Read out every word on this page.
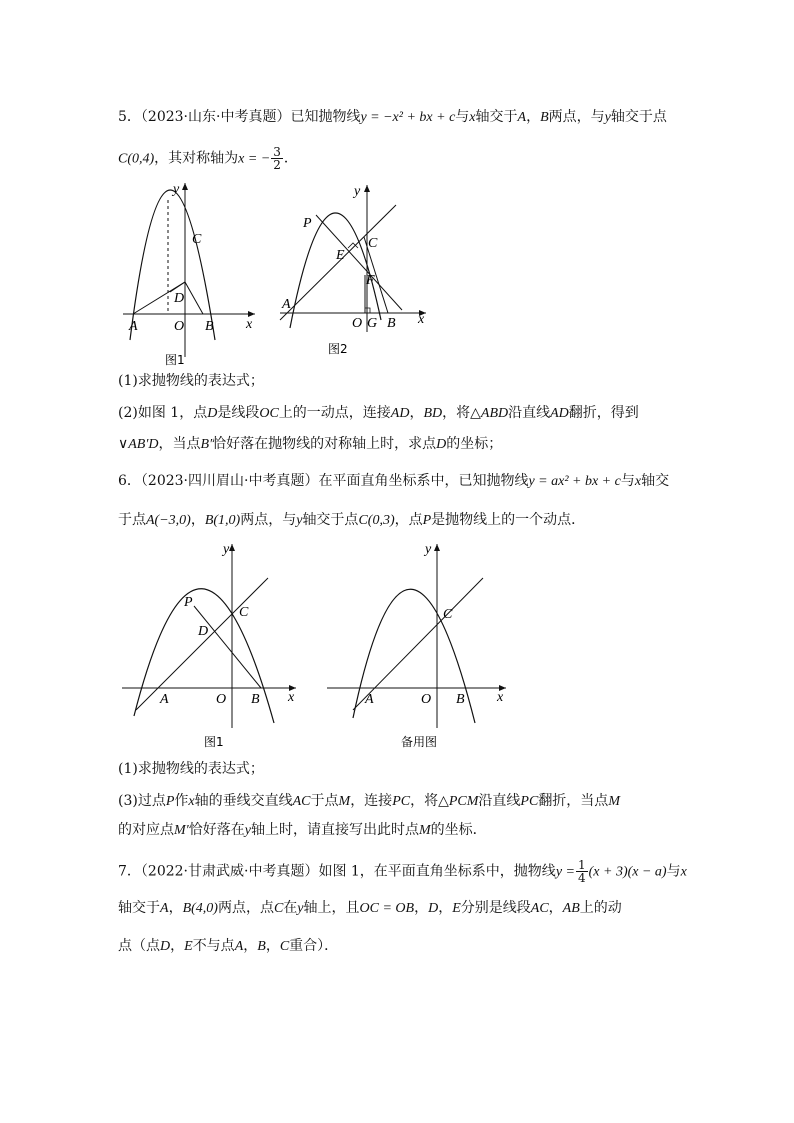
5．（2023·山东·中考真题）已知抛物线y = −x² + bx + c与x轴交于A，B两点，与y轴交于点
C(0,4)，其对称轴为x = − $\frac{3}{2}$ ．
y
C
D
A	O B x
图1
y
P
E
C
F
A
O G B x
图2
(1)求抛物线的表达式；
(2)如图 1，点D是线段OC上的一动点，连接AD，BD，将△ABD沿直线AD翻折，得到
∨AB′D，当点B′恰好落在抛物线的对称轴上时，求点D的坐标；
6．（2023·四川眉山·中考真题）在平面直角坐标系中，已知抛物线y = ax² + bx + c与x轴交
于点A(−3,0)，B(1,0)两点，与y轴交于点C(0,3)，点P是抛物线上的一个动点．
y
P
C
D
A	O B x
图1
y
C
A	O B x
备用图
(1)求抛物线的表达式；
(3)过点P作x轴的垂线交直线AC于点M，连接PC，将△PCM沿直线PC翻折，当点M
的对应点M′恰好落在y轴上时，请直接写出此时点M的坐标．
7．（2022·甘肃武威·中考真题）如图 1，在平面直角坐标系中，抛物线$y = \frac{1}{4} (x + 3)(x - a)$与x
轴交于A，B(4,0)两点，点C在y轴上，且OC = OB，D，E分别是线段AC，AB上的动
点（点D，E不与点A，B，C重合）．
